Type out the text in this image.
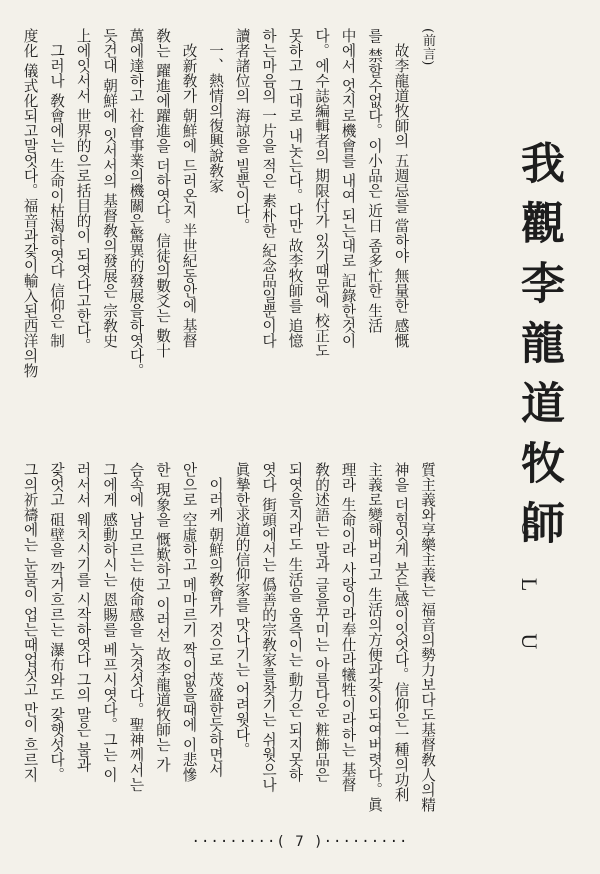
我觀李龍道牧師
GLU

(前言)

　故李龍道牧師의 五週忌를 當하야 無量한 感慨

를 禁할수없다。이小品은 近日 좀多忙한 生活

中에서 엇지로機會를 내여 되는대로 記錄한것이

다。에수誌編輯者의 期限付가 있기때문에 校正도

못하고 그대로 내놋는다。다만 故李牧師를 追憶

하는마음의 一片을 적은 素朴한 紀念品일뿐이다

讀者諸位의 海諒을 빌뿐이다。

　一、熱情의復興說敎家

　改新敎가 朝鮮에 드러온지 半世紀동안에 基督

敎는 躍進에躍進을 더하엿다。信徒의數爻는 數十

萬에達하고 社會事業의機關은驚異的發展을하엿다。

듯건대 朝鮮에 잇서서의 基督敎의發展은 宗敎史

上에잇서서 世界的으로括目的이 되엿다고한다。

　그러나 敎會에는 生命이枯渴하엿다 信仰은 制

度化 儀式化되고말엇다。福音과갗이輸入된西洋의物

質主義와享樂主義는 福音의勢力보다도基督敎人의精

神을 더힘잇게 붓든感이잇엇다。信仰은一種의功利

主義로變해버리고 生活의方便과갗이되여버렷다。眞

理라 生命이라 사랑이라奉仕라犧牲이라하는 基督

敎的述語는 말과 글을꾸미는 아름다운 粧飾品은

되엿을지라도 生活을 움즉이는 動力은 되지못하

엿다 街頭에서는 僞善的宗敎家를찾기는 쉬웟으나

眞摯한求道的信仰家를 맛나기는 어려웟다。

　이러케 朝鮮의敎會가 것으로 茂盛한듯하면서

안으로 空虛하고 메마르기 짝이없을때에 이悲慘

한 現象을 慨歎하고 이러선 故李龍道牧師는 가

슴속에 남모르는 使命感을 늣겻섯다。聖神께서는

그에게 感動하시는 恩賜를 베프시엿다。그는 이

러서서 웨치시기를 시작하엿다 그의 말은 불과

갗엇고 砠壁을 깍거흐르는 瀑布와도 갗햇섯다。

그의祈禱에는 눈물이 업는때업섯고 만이 흐르지

·········( 7 )·········
